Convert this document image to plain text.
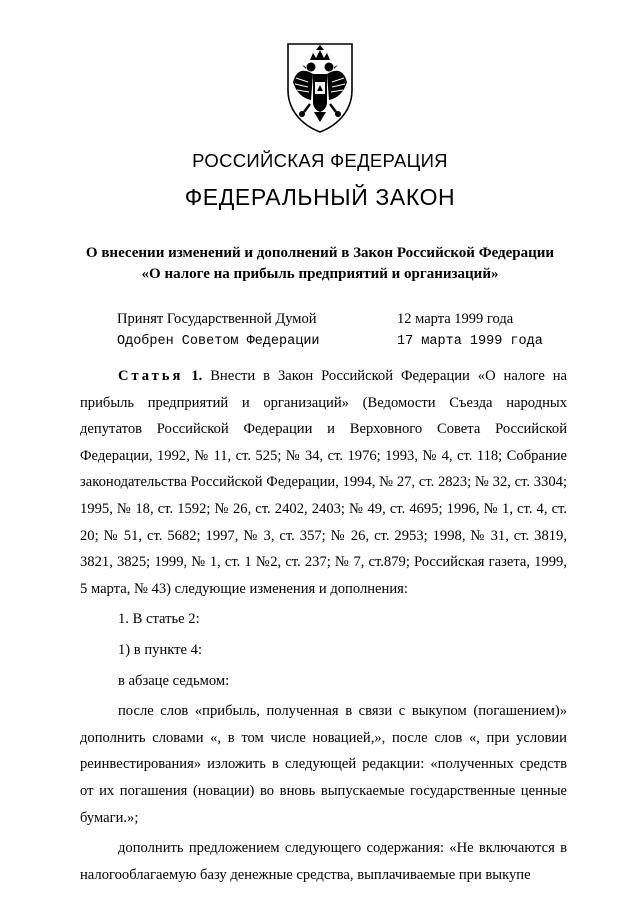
РОССИЙСКАЯ ФЕДЕРАЦИЯ
ФЕДЕРАЛЬНЫЙ ЗАКОН
О внесении изменений и дополнений в Закон Российской Федерации
«О налоге на прибыль предприятий и организаций»
Принят Государственной Думой	12 марта 1999 года
Одобрен Советом Федерации	17 марта 1999 года

Статья 1. Внести в Закон Российской Федерации «О налоге на прибыль предприятий и организаций» (Ведомости Съезда народных депутатов Российской Федерации и Верховного Совета Российской Федерации, 1992, № 11, ст. 525; № 34, ст. 1976; 1993, № 4, ст. 118; Собрание законодательства Российской Федерации, 1994, № 27, ст. 2823; № 32, ст. 3304; 1995, № 18, ст. 1592; № 26, ст. 2402, 2403; № 49, ст. 4695; 1996, № 1, ст. 4, ст. 20; № 51, ст. 5682; 1997, № 3, ст. 357; № 26, ст. 2953; 1998, № 31, ст. 3819, 3821, 3825; 1999, № 1, ст. 1 №2, ст. 237; № 7, ст.879; Российская газета, 1999, 5 марта, № 43) следующие изменения и дополнения:

1. В статье 2:

1) в пункте 4:

в абзаце седьмом:

после слов «прибыль, полученная в связи с выкупом (погашением)» дополнить словами «, в том числе новацией,», после слов «, при условии реинвестирования» изложить в следующей редакции: «полученных средств от их погашения (новации) во вновь выпускаемые государственные ценные бумаги.»;

дополнить предложением следующего содержания: «Не включаются в налогооблагаемую базу денежные средства, выплачиваемые при выкупе
